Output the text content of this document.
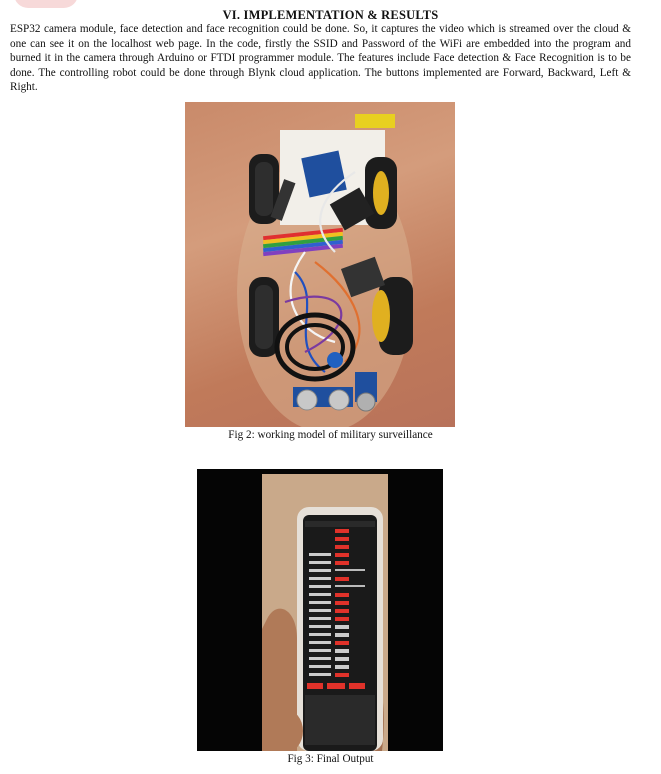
VI. IMPLEMENTATION & RESULTS
ESP32 camera module, face detection and face recognition could be done. So, it captures the video which is streamed over the cloud & one can see it on the localhost web page. In the code, firstly the SSID and Password of the WiFi are embedded into the program and burned it in the camera through Arduino or FTDI programmer module. The features include Face detection & Face Recognition is to be done. The controlling robot could be done through Blynk cloud application. The buttons implemented are Forward, Backward, Left & Right.
Fig 2: working model of military surveillance
Fig 3: Final Output
